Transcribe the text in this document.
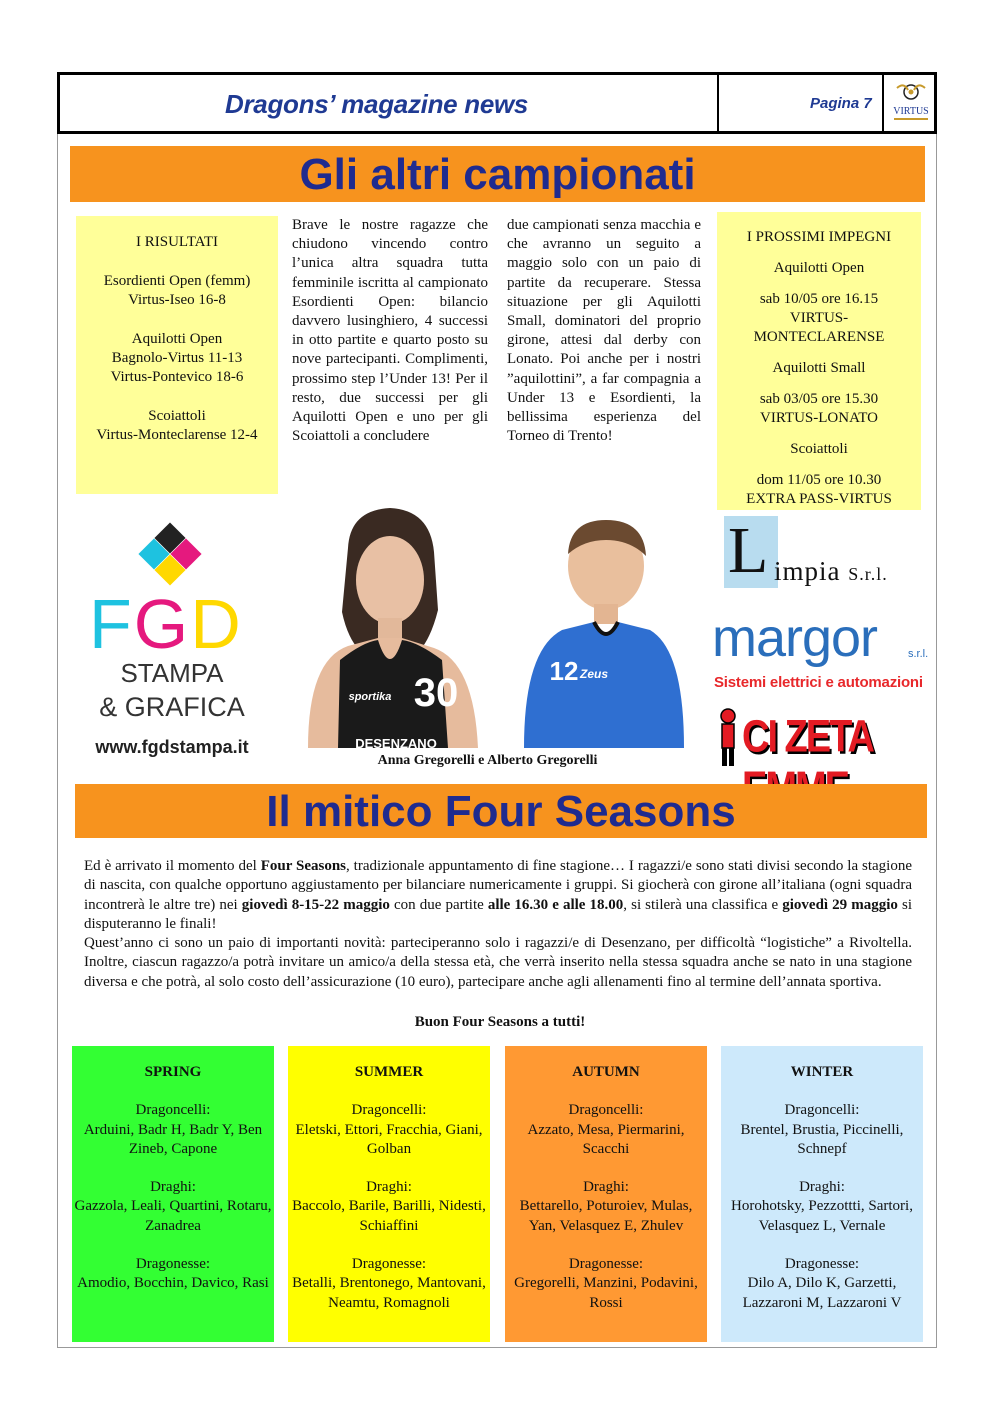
Dragons’ magazine news	Pagina 7 VIRTUS
Gli altri campionati
I RISULTATI
Esordienti Open (femm)
Virtus-Iseo 16-8
Aquilotti Open
Bagnolo-Virtus 11-13
Virtus-Pontevico 18-6
Scoiattoli
Virtus-Monteclarense 12-4
Brave le nostre ragazze che chiudono vincendo contro l’unica altra squadra tutta femminile iscritta al campionato Esordienti Open: bilancio davvero lusinghiero, 4 successi in otto partite e quarto posto su nove partecipanti. Complimenti, prossimo step l’Under 13! Per il resto, due successi per gli Aquilotti Open e uno per gli Scoiattoli a concludere
due campionati senza macchia e che avranno un seguito a maggio solo con un paio di partite da recuperare. Stessa situazione per gli Aquilotti Small, dominatori del proprio girone, attesi dal derby con Lonato. Poi anche per i nostri ”aquilottini”, a far compagnia a Under 13 e Esordienti, la bellissima esperienza del Torneo di Trento!
I PROSSIMI IMPEGNI
Aquilotti Open
sab 10/05 ore 16.15
VIRTUS-
MONTECLARENSE
Aquilotti Small
sab 03/05 ore 15.30
VIRTUS-LONATO
Scoiattoli
dom 11/05 ore 10.30
EXTRA PASS-VIRTUS
FGD
STAMPA
& GRAFICA
www.fgdstampa.it
30
sportika
DESENZANO
12 Zeus
Anna Gregorelli e Alberto Gregorelli
L impia S.r.l.
margor	s.r.l.
Sistemi elettrici e automazioni
CI ZETA
Il mitico Four Seasons
Ed è arrivato il momento del Four Seasons, tradizionale appuntamento di fine stagione… I ragazzi/e sono stati divisi secondo la stagione di nascita, con qualche opportuno aggiustamento per bilanciare numericamente i gruppi. Si giocherà con girone all’italiana (ogni squadra incontrerà le altre tre) nei giovedì 8-15-22 maggio con due partite alle 16.30 e alle 18.00, si stilerà una classifica e giovedì 29 maggio si disputeranno le finali!
Quest’anno ci sono un paio di importanti novità: parteciperanno solo i ragazzi/e di Desenzano, per difficoltà “logistiche” a Rivoltella. Inoltre, ciascun ragazzo/a potrà invitare un amico/a della stessa età, che verrà inserito nella stessa squadra anche se nato in una stagione diversa e che potrà, al solo costo dell’assicurazione (10 euro), partecipare anche agli allenamenti fino al termine dell’annata sportiva.
Buon Four Seasons a tutti!
SPRING
Dragoncelli:
Arduini, Badr H, Badr Y, Ben Zineb, Capone
Draghi:
Gazzola, Leali, Quartini, Rotaru, Zanadrea
Dragonesse:
Amodio, Bocchin, Davico, Rasi
SUMMER
Dragoncelli:
Eletski, Ettori, Fracchia, Giani, Golban
Draghi:
Baccolo, Barile, Barilli, Nidesti, Schiaffini
Dragonesse:
Betalli, Brentonego, Mantovani, Neamtu, Romagnoli
AUTUMN
Dragoncelli:
Azzato, Mesa, Piermarini, Scacchi
Draghi:
Bettarello, Poturoiev, Mulas, Yan, Velasquez E, Zhulev
Dragonesse:
Gregorelli, Manzini, Podavini, Rossi
WINTER
Dragoncelli:
Brentel, Brustia, Piccinelli, Schnepf
Draghi:
Horohotsky, Pezzottti, Sartori, Velasquez L, Vernale
Dragonesse:
Dilo A, Dilo K, Garzetti, Lazzaroni M, Lazzaroni V
